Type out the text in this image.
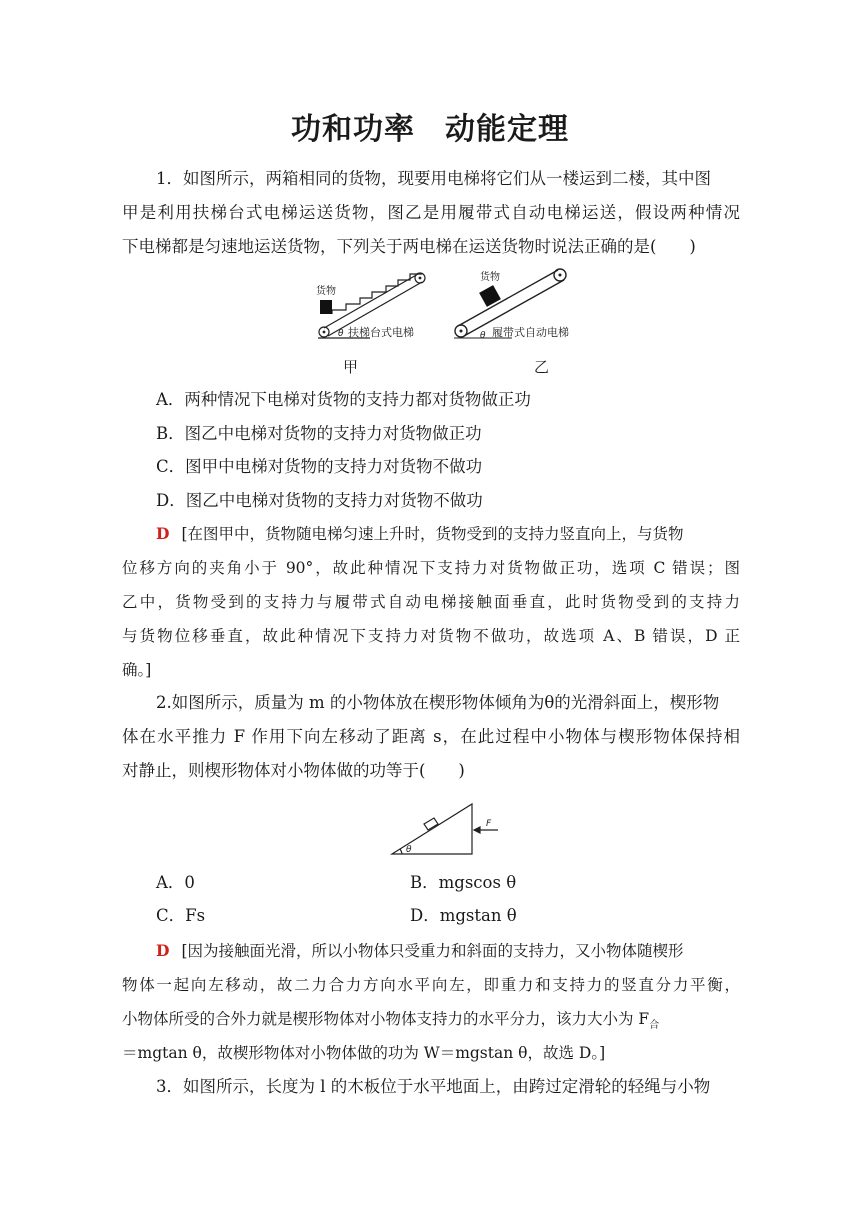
功和功率 动能定理
1．如图所示，两箱相同的货物，现要用电梯将它们从一楼运到二楼，其中图
甲是利用扶梯台式电梯运送货物，图乙是用履带式自动电梯运送，假设两种情况
下电梯都是匀速地运送货物，下列关于两电梯在运送货物时说法正确的是(　　)
货物
θ 扶梯台式电梯
货物
θ 履带式自动电梯
甲	乙
A．两种情况下电梯对货物的支持力都对货物做正功
B．图乙中电梯对货物的支持力对货物做正功
C．图甲中电梯对货物的支持力对货物不做功
D．图乙中电梯对货物的支持力对货物不做功
D [在图甲中，货物随电梯匀速上升时，货物受到的支持力竖直向上，与货物
位移方向的夹角小于 90°，故此种情况下支持力对货物做正功，选项 C 错误；图
乙中，货物受到的支持力与履带式自动电梯接触面垂直，此时货物受到的支持力
与货物位移垂直，故此种情况下支持力对货物不做功，故选项 A、B 错误，D 正
确。]
2.如图所示，质量为 m 的小物体放在楔形物体倾角为θ的光滑斜面上，楔形物
体在水平推力 F 作用下向左移动了距离 s，在此过程中小物体与楔形物体保持相
对静止，则楔形物体对小物体做的功等于(　　)
F
θ
A．0	B．mgscos θ
C．Fs	D．mgstan θ
D [因为接触面光滑，所以小物体只受重力和斜面的支持力，又小物体随楔形
物体一起向左移动，故二力合力方向水平向左，即重力和支持力的竖直分力平衡，
小物体所受的合外力就是楔形物体对小物体支持力的水平分力，该力大小为 $F_合$
＝mgtan θ，故楔形物体对小物体做的功为 W＝mgstan θ，故选 D。]
3．如图所示，长度为 l 的木板位于水平地面上，由跨过定滑轮的轻绳与小物
